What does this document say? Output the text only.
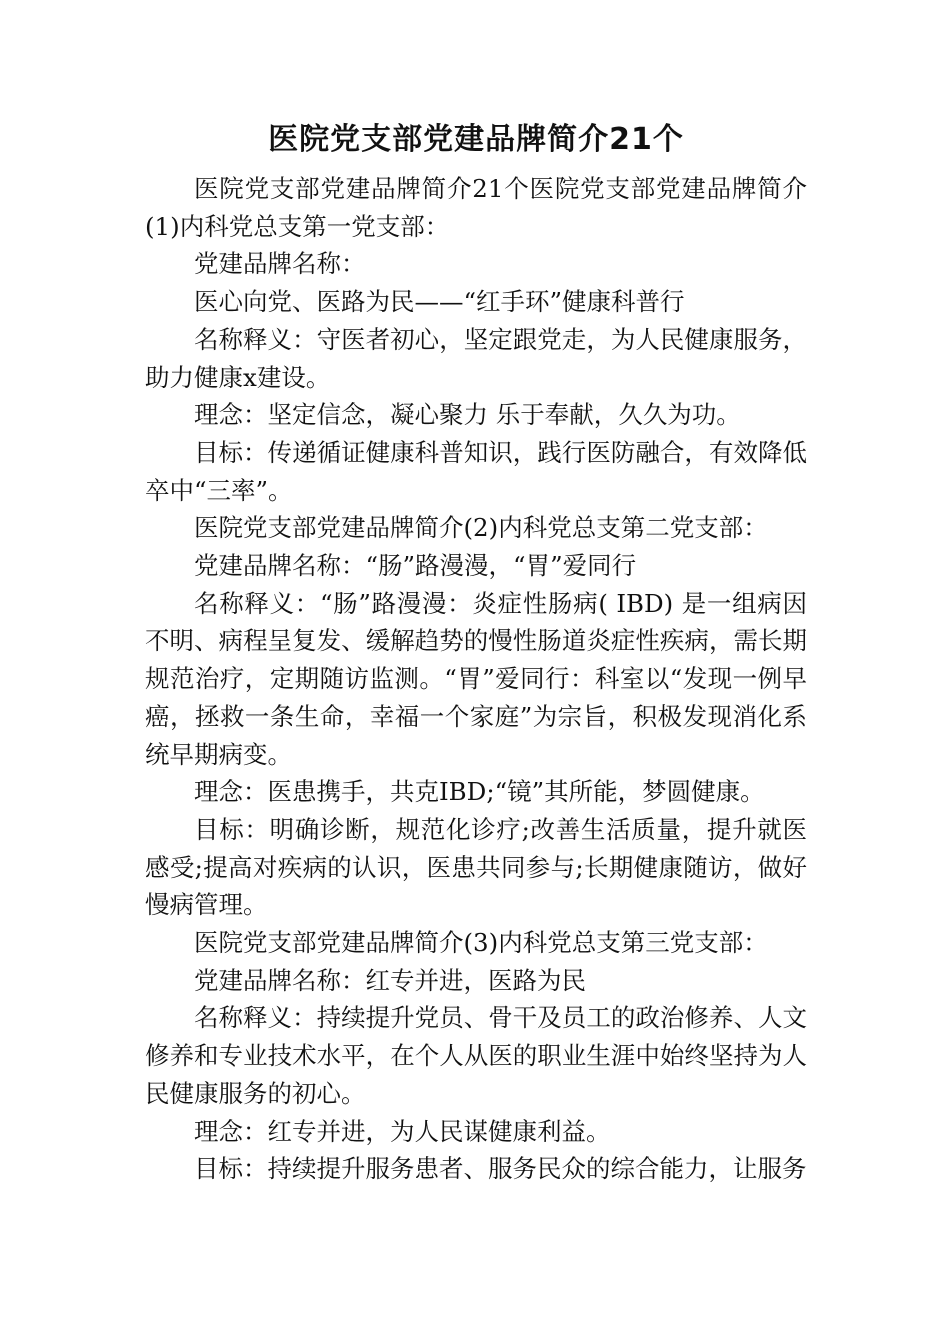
医院党支部党建品牌简介21个

医院党支部党建品牌简介21个医院党支部党建品牌简介(1)内科党总支第一党支部：

党建品牌名称：

医心向党、医路为民——“红手环”健康科普行

名称释义：守医者初心，坚定跟党走，为人民健康服务，助力健康x建设。

理念：坚定信念，凝心聚力 乐于奉献，久久为功。

目标：传递循证健康科普知识，践行医防融合，有效降低卒中“三率”。

医院党支部党建品牌简介(2)内科党总支第二党支部：

党建品牌名称：“肠”路漫漫，“胃”爱同行

名称释义：“肠”路漫漫：炎症性肠病( IBD) 是一组病因不明、病程呈复发、缓解趋势的慢性肠道炎症性疾病，需长期规范治疗，定期随访监测。“胃”爱同行：科室以“发现一例早癌，拯救一条生命，幸福一个家庭”为宗旨，积极发现消化系统早期病变。

理念：医患携手，共克IBD;“镜”其所能，梦圆健康。

目标：明确诊断，规范化诊疗;改善生活质量，提升就医感受;提高对疾病的认识，医患共同参与;长期健康随访，做好慢病管理。

医院党支部党建品牌简介(3)内科党总支第三党支部：

党建品牌名称：红专并进，医路为民

名称释义：持续提升党员、骨干及员工的政治修养、人文修养和专业技术水平，在个人从医的职业生涯中始终坚持为人民健康服务的初心。

理念：红专并进，为人民谋健康利益。

目标：持续提升服务患者、服务民众的综合能力，让服务
